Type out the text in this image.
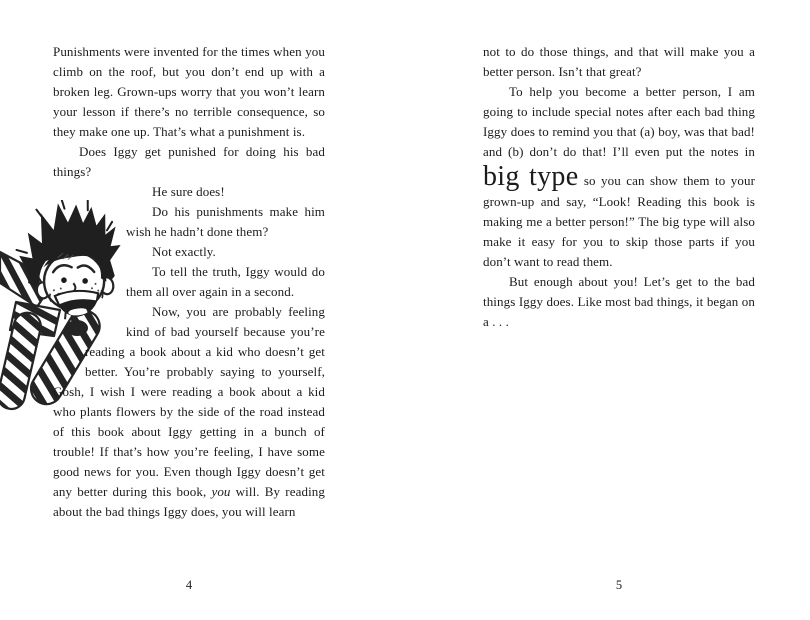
Punishments were invented for the times when you climb on the roof, but you don’t end up with a broken leg. Grown-ups worry that you won’t learn your lesson if there’s no terrible consequence, so they make one up. That’s what a punishment is.

Does Iggy get punished for doing his bad things?

He sure does!

Do his punishments make him wish he hadn’t done them?

Not exactly.

To tell the truth, Iggy would do them all over again in a second.

Now, you are probably feeling kind of bad yourself because you’re reading a book about a kid who doesn’t get better. You’re probably saying to yourself, Gosh, I wish I were reading a book about a kid who plants flowers by the side of the road instead of this book about Iggy getting in a bunch of trouble! If that’s how you’re feeling, I have some good news for you. Even though Iggy doesn’t get any better during this book, you will. By reading about the bad things Iggy does, you will learn

4

not to do those things, and that will make you a better person. Isn’t that great?

To help you become a better person, I am going to include special notes after each bad thing Iggy does to remind you that (a) boy, was that bad! and (b) don’t do that! I’ll even put the notes in big type so you can show them to your grown-up and say, “Look! Reading this book is making me a better person!” The big type will also make it easy for you to skip those parts if you don’t want to read them.

But enough about you! Let’s get to the bad things Iggy does. Like most bad things, it began on a . . .

5
